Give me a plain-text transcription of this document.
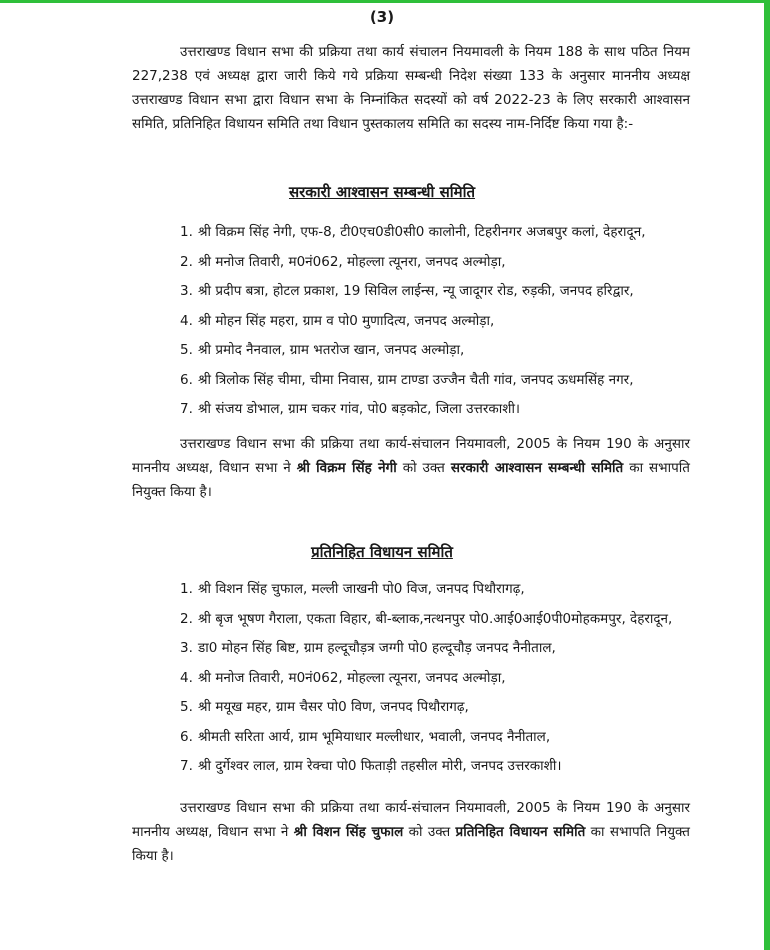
(3)
उत्तराखण्ड विधान सभा की प्रक्रिया तथा कार्य संचालन नियमावली के नियम 188 के साथ पठित नियम 227,238 एवं अध्यक्ष द्वारा जारी किये गये प्रक्रिया सम्बन्धी निदेश संख्या 133 के अनुसार माननीय अध्यक्ष उत्तराखण्ड विधान सभा द्वारा विधान सभा के निम्नांकित सदस्यों को वर्ष 2022-23 के लिए सरकारी आश्वासन समिति, प्रतिनिहित विधायन समिति तथा विधान पुस्तकालय समिति का सदस्य नाम-निर्दिष्ट किया गया है:-
सरकारी आश्वासन सम्बन्धी समिति
1. श्री विक्रम सिंह नेगी, एफ-8, टी0एच0डी0सी0 कालोनी, टिहरीनगर अजबपुर कलां, देहरादून,
2. श्री मनोज तिवारी, म0नं062, मोहल्ला त्यूनरा, जनपद अल्मोड़ा,
3. श्री प्रदीप बत्रा, होटल प्रकाश, 19 सिविल लाईन्स, न्यू जादूगर रोड, रुड़की, जनपद हरिद्वार,
4. श्री मोहन सिंह महरा, ग्राम व पो0 मुणादित्य, जनपद अल्मोड़ा,
5. श्री प्रमोद नैनवाल, ग्राम भतरोज खान, जनपद अल्मोड़ा,
6. श्री त्रिलोक सिंह चीमा, चीमा निवास, ग्राम टाण्डा उज्जैन चैती गांव, जनपद ऊधमसिंह नगर,
7. श्री संजय डोभाल, ग्राम चकर गांव, पो0 बड़कोट, जिला उत्तरकाशी।
उत्तराखण्ड विधान सभा की प्रक्रिया तथा कार्य-संचालन नियमावली, 2005 के नियम 190 के अनुसार माननीय अध्यक्ष, विधान सभा ने श्री विक्रम सिंह नेगी को उक्त सरकारी आश्वासन सम्बन्धी समिति का सभापति नियुक्त किया है।
प्रतिनिहित विधायन समिति
1. श्री विशन सिंह चुफाल, मल्ली जाखनी पो0 विज, जनपद पिथौरागढ़,
2. श्री बृज भूषण गैराला, एकता विहार, बी-ब्लाक,नत्थनपुर पो0.आई0आई0पी0मोहकमपुर, देहरादून,
3. डा0 मोहन सिंह बिष्ट, ग्राम हल्दूचौड़त्र जग्गी पो0 हल्दूचौड़ जनपद नैनीताल,
4. श्री मनोज तिवारी, म0नं062, मोहल्ला त्यूनरा, जनपद अल्मोड़ा,
5. श्री मयूख महर, ग्राम चैसर पो0 विण, जनपद पिथौरागढ़,
6. श्रीमती सरिता आर्य, ग्राम भूमियाधार मल्लीधार, भवाली, जनपद नैनीताल,
7. श्री दुर्गेश्वर लाल, ग्राम रेक्चा पो0 फिताड़ी तहसील मोरी, जनपद उत्तरकाशी।
उत्तराखण्ड विधान सभा की प्रक्रिया तथा कार्य-संचालन नियमावली, 2005 के नियम 190 के अनुसार माननीय अध्यक्ष, विधान सभा ने श्री विशन सिंह चुफाल को उक्त प्रतिनिहित विधायन समिति का सभापति नियुक्त किया है।
